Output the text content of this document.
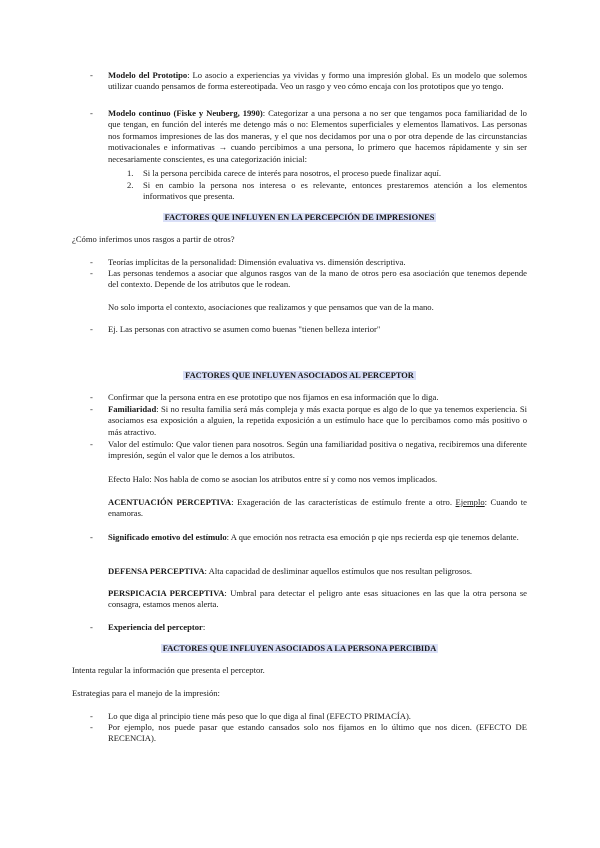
- Modelo del Prototipo: Lo asocio a experiencias ya vividas y formo una impresión global. Es un modelo que solemos utilizar cuando pensamos de forma estereotipada. Veo un rasgo y veo cómo encaja con los prototipos que yo tengo.
- Modelo continuo (Fiske y Neuberg, 1990): Categorizar a una persona a no ser que tengamos poca familiaridad de lo que tengan, en función del interés me detengo más o no: Elementos superficiales y elementos llamativos. Las personas nos formamos impresiones de las dos maneras, y el que nos decidamos por una o por otra depende de las circunstancias motivacionales e informativas → cuando percibimos a una persona, lo primero que hacemos rápidamente y sin ser necesariamente conscientes, es una categorización inicial:
1. Si la persona percibida carece de interés para nosotros, el proceso puede finalizar aquí.
2. Si en cambio la persona nos interesa o es relevante, entonces prestaremos atención a los elementos informativos que presenta.
FACTORES QUE INFLUYEN EN LA PERCEPCIÓN DE IMPRESIONES
¿Cómo inferimos unos rasgos a partir de otros?
- Teorías implícitas de la personalidad: Dimensión evaluativa vs. dimensión descriptiva.
- Las personas tendemos a asociar que algunos rasgos van de la mano de otros pero esa asociación que tenemos depende del contexto. Depende de los atributos que le rodean.
No solo importa el contexto, asociaciones que realizamos y que pensamos que van de la mano.
- Ej. Las personas con atractivo se asumen como buenas "tienen belleza interior"
FACTORES QUE INFLUYEN ASOCIADOS AL PERCEPTOR
- Confirmar que la persona entra en ese prototipo que nos fijamos en esa información que lo diga.
- Familiaridad: Si no resulta familia será más compleja y más exacta porque es algo de lo que ya tenemos experiencia. Si asociamos esa exposición a alguien, la repetida exposición a un estímulo hace que lo percibamos como más positivo o más atractivo.
- Valor del estímulo: Que valor tienen para nosotros. Según una familiaridad positiva o negativa, recibiremos una diferente impresión, según el valor que le demos a los atributos.
Efecto Halo: Nos habla de como se asocian los atributos entre sí y como nos vemos implicados.
ACENTUACIÓN PERCEPTIVA: Exageración de las características de estímulo frente a otro. Ejemplo: Cuando te enamoras.
- Significado emotivo del estímulo: A que emoción nos retracta esa emoción p qie nps recierda esp qie tenemos delante.
DEFENSA PERCEPTIVA: Alta capacidad de desliminar aquellos estímulos que nos resultan peligrosos.
PERSPICACIA PERCEPTIVA: Umbral para detectar el peligro ante esas situaciones en las que la otra persona se consagra, estamos menos alerta.
- Experiencia del perceptor:
FACTORES QUE INFLUYEN ASOCIADOS A LA PERSONA PERCIBIDA
Intenta regular la información que presenta el perceptor.
Estrategias para el manejo de la impresión:
- Lo que diga al principio tiene más peso que lo que diga al final (EFECTO PRIMACÍA).
- Por ejemplo, nos puede pasar que estando cansados solo nos fijamos en lo último que nos dicen. (EFECTO DE RECENCIA).
